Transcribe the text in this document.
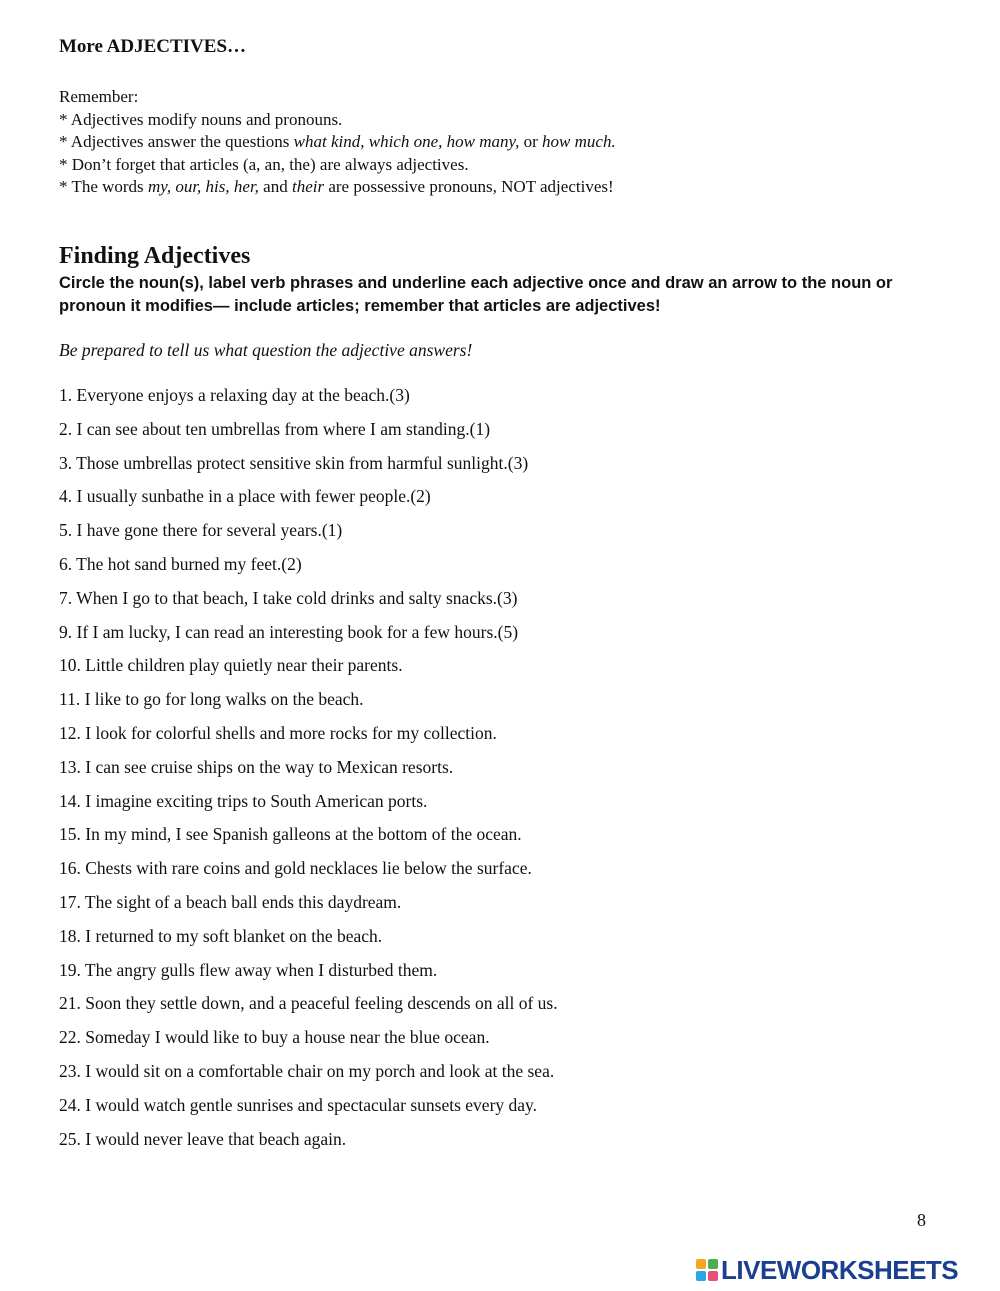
More ADJECTIVES…
Remember:
* Adjectives modify nouns and pronouns.
* Adjectives answer the questions what kind, which one, how many, or how much.
* Don’t forget that articles (a, an, the) are always adjectives.
* The words my, our, his, her, and their are possessive pronouns, NOT adjectives!
Finding Adjectives
Circle the noun(s), label verb phrases and underline each adjective once and draw an arrow to the noun or pronoun it modifies— include articles; remember that articles are adjectives!
Be prepared to tell us what question the adjective answers!
1. Everyone enjoys a relaxing day at the beach.(3)
2. I can see about ten umbrellas from where I am standing.(1)
3. Those umbrellas protect sensitive skin from harmful sunlight.(3)
4. I usually sunbathe in a place with fewer people.(2)
5. I have gone there for several years.(1)
6. The hot sand burned my feet.(2)
7. When I go to that beach, I take cold drinks and salty snacks.(3)
9. If I am lucky, I can read an interesting book for a few hours.(5)
10. Little children play quietly near their parents.
11. I like to go for long walks on the beach.
12. I look for colorful shells and more rocks for my collection.
13. I can see cruise ships on the way to Mexican resorts.
14. I imagine exciting trips to South American ports.
15. In my mind, I see Spanish galleons at the bottom of the ocean.
16. Chests with rare coins and gold necklaces lie below the surface.
17. The sight of a beach ball ends this daydream.
18. I returned to my soft blanket on the beach.
19. The angry gulls flew away when I disturbed them.
21. Soon they settle down, and a peaceful feeling descends on all of us.
22. Someday I would like to buy a house near the blue ocean.
23. I would sit on a comfortable chair on my porch and look at the sea.
24. I would watch gentle sunrises and spectacular sunsets every day.
25. I would never leave that beach again.
8
LIVEWORKSHEETS
